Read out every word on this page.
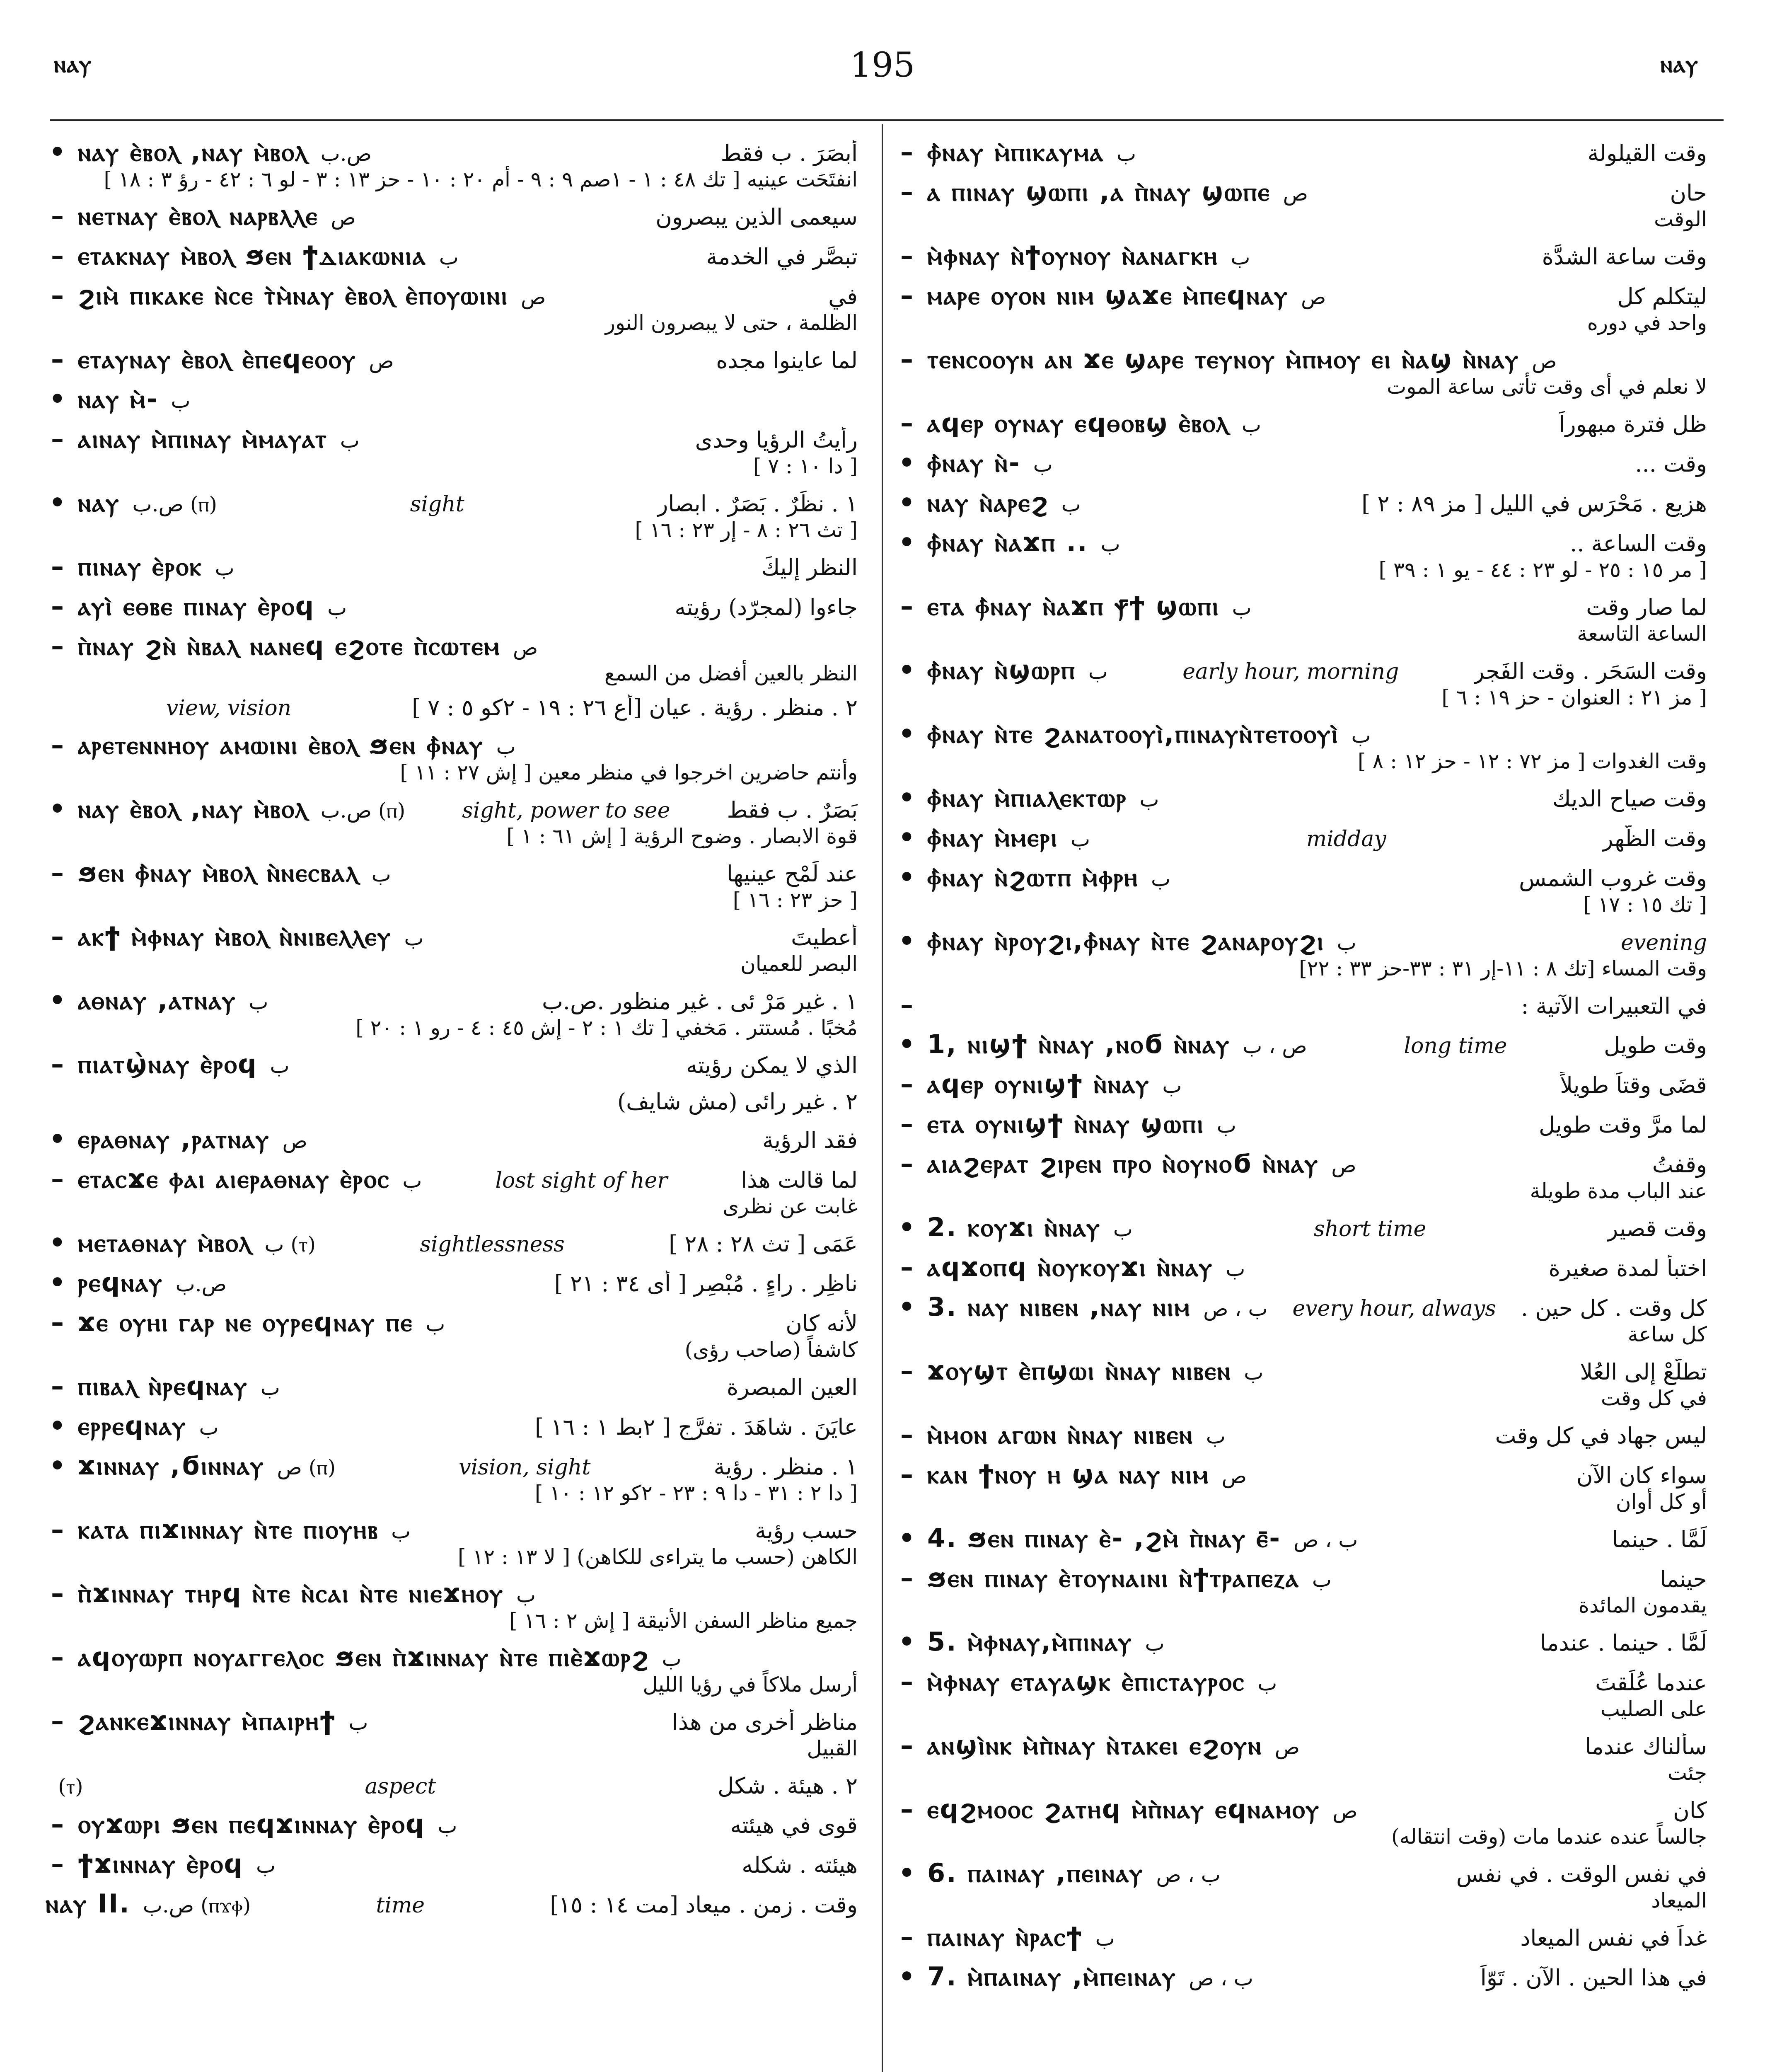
ⲛⲁⲩ	195	ⲛⲁⲩ
• ⲛⲁⲩ ⲉ̀ⲃⲟⲗ ,ⲛⲁⲩ ⲙ̀ⲃⲟⲗ ص.ب	أبصَرَ . ب فقط
انفتَحَت عينيه [ تك ٤٨ : ١ - ١صم ٩ : ٩ - أم ٢٠ : ١٠ - حز ١٣ : ٣ - لو ٦ : ٤٢ - رؤ ٣ : ١٨ ]
– ⲛⲉⲧⲛⲁⲩ ⲉ̀ⲃⲟⲗ ⲛⲁⲣⲃⲗⲗⲉ ص	سيعمى الذين يبصرون
– ⲉⲧⲁⲕⲛⲁⲩ ⲙ̀ⲃⲟⲗ ϧⲉⲛ ϯⲇⲓⲁⲕⲱⲛⲓⲁ ب	تبصَّر في الخدمة
– ϩⲓⲙ̀ ⲡⲓⲕⲁⲕⲉ ⲛ̀ⲥⲉ ⲧ̀ⲙ̀ⲛⲁⲩ ⲉ̀ⲃⲟⲗ ⲉ̀ⲡⲟⲩⲱⲓⲛⲓ ص	في
الظلمة ، حتى لا يبصرون النور
– ⲉⲧⲁⲩⲛⲁⲩ ⲉ̀ⲃⲟⲗ ⲉ̀ⲡⲉϥⲉⲟⲟⲩ ص	لما عاينوا مجده
• ⲛⲁⲩ ⲙ̀- ب
– ⲁⲓⲛⲁⲩ ⲙ̀ⲡⲓⲛⲁⲩ ⲙ̀ⲙⲁⲩⲁⲧ ب	رأيتُ الرؤيا وحدى
[ دا ١٠ : ٧ ]
• ⲛⲁⲩ ص.ب (ⲡ)	sight	١ . نظَرٌ . بَصَرٌ . ابصار
[ تث ٢٦ : ٨ - إر ٢٣ : ١٦ ]
– ⲡⲓⲛⲁⲩ ⲉ̀ⲣⲟⲕ ب	النظر إليكَ
– ⲁⲩⲓ̀ ⲉⲑⲃⲉ ⲡⲓⲛⲁⲩ ⲉ̀ⲣⲟϥ ب	جاءوا (لمجرّد) رؤيته
– ⲡ̀ⲛⲁⲩ ϩⲛ̀ ⲛ̀ⲃⲁⲗ ⲛⲁⲛⲉϥ ⲉϩⲟⲧⲉ ⲡ̀ⲥⲱⲧⲉⲙ ص
النظر بالعين أفضل من السمع
view, vision	٢ . منظر . رؤية . عيان [أع ٢٦ : ١٩ - ٢كو ٥ : ٧ ]
– ⲁⲣⲉⲧⲉⲛⲛⲏⲟⲩ ⲁⲙⲱⲓⲛⲓ ⲉ̀ⲃⲟⲗ ϧⲉⲛ ⲫ̀ⲛⲁⲩ ب
وأنتم حاضرين اخرجوا في منظر معين [ إش ٢٧ : ١١ ]
• ⲛⲁⲩ ⲉ̀ⲃⲟⲗ ,ⲛⲁⲩ ⲙ̀ⲃⲟⲗ ص.ب (ⲡ)	sight, power to see	بَصَرٌ . ب فقط
قوة الابصار . وضوح الرؤية [ إش ٦١ : ١ ]
– ϧⲉⲛ ⲫ̀ⲛⲁⲩ ⲙ̀ⲃⲟⲗ ⲛ̀ⲛⲉⲥⲃⲁⲗ ب	عند لَمْح عينيها
[ حز ٢٣ : ١٦ ]
– ⲁⲕϯ ⲙ̀ⲫⲛⲁⲩ ⲙ̀ⲃⲟⲗ ⲛ̀ⲛⲓⲃⲉⲗⲗⲉⲩ ب	أعطيتَ
البصر للعميان
• ⲁⲑⲛⲁⲩ ,ⲁⲧⲛⲁⲩ ب	١ . غير مَرْ ئى . غير منظور .ص.ب
مُخبًا . مُستتر . مَخفي [ تك ١ : ٢ - إش ٤٥ : ٤ - رو ١ : ٢٠ ]
– ⲡⲓⲁⲧϣ̀ⲛⲁⲩ ⲉ̀ⲣⲟϥ ب	الذي لا يمكن رؤيته
٢ . غير رائى (مش شايف)
• ⲉⲣⲁⲑⲛⲁⲩ ,ⲣⲁⲧⲛⲁⲩ ص	فقد الرؤية
– ⲉⲧⲁⲥϫⲉ ⲫⲁⲓ ⲁⲓⲉⲣⲁⲑⲛⲁⲩ ⲉ̀ⲣⲟⲥ ب	lost sight of her	لما قالت هذا
غابت عن نظرى
• ⲙⲉⲧⲁⲑⲛⲁⲩ ⲙ̀ⲃⲟⲗ ب (ⲧ)	sightlessness	عَمَى [ تث ٢٨ : ٢٨ ]
• ⲣⲉϥⲛⲁⲩ ص.ب	ناظِر . راءٍ . مُبْصِر [ أى ٣٤ : ٢١ ]
– ϫⲉ ⲟⲩⲏⲓ ⲅⲁⲣ ⲛⲉ ⲟⲩⲣⲉϥⲛⲁⲩ ⲡⲉ ب	لأنه كان
كاشفاً (صاحب رؤى)
– ⲡⲓⲃⲁⲗ ⲛ̀ⲣⲉϥⲛⲁⲩ ب	العين المبصرة
• ⲉⲣⲣⲉϥⲛⲁⲩ ب	عايَنَ . شاهَدَ . تفرَّج [ ٢بط ١ : ١٦ ]
• ϫⲓⲛⲛⲁⲩ ,ϭⲓⲛⲛⲁⲩ ص (ⲡ)	vision, sight	١ . منظر . رؤية
[ دا ٢ : ٣١ - دا ٩ : ٢٣ - ٢كو ١٢ : ١٠ ]
– ⲕⲁⲧⲁ ⲡⲓϫⲓⲛⲛⲁⲩ ⲛ̀ⲧⲉ ⲡⲓⲟⲩⲏⲃ ب	حسب رؤية
الكاهن (حسب ما يتراءى للكاهن) [ لا ١٣ : ١٢ ]
– ⲡ̀ϫⲓⲛⲛⲁⲩ ⲧⲏⲣϥ ⲛ̀ⲧⲉ ⲛ̀ⲥⲁⲓ ⲛ̀ⲧⲉ ⲛⲓⲉϫⲏⲟⲩ ب
جميع مناظر السفن الأنيقة [ إش ٢ : ١٦ ]
– ⲁϥⲟⲩⲱⲣⲡ ⲛⲟⲩⲁⲅⲅⲉⲗⲟⲥ ϧⲉⲛ ⲡ̀ϫⲓⲛⲛⲁⲩ ⲛ̀ⲧⲉ ⲡⲓⲉ̀ϫⲱⲣϩ ب
أرسل ملاكاً في رؤيا الليل
– ϩⲁⲛⲕⲉϫⲓⲛⲛⲁⲩ ⲙ̀ⲡⲁⲓⲣⲏϯ ب	مناظر أخرى من هذا
القبيل
(ⲧ)	aspect	٢ . هيئة . شكل
– ⲟⲩϫⲱⲣⲓ ϧⲉⲛ ⲡⲉϥϫⲓⲛⲛⲁⲩ ⲉ̀ⲣⲟϥ ب	قوى في هيئته
– ϯϫⲓⲛⲛⲁⲩ ⲉ̀ⲣⲟϥ ب	هيئته . شكله
ⲛⲁⲩ II. ص.ب (ⲡϫⲫ)	time	وقت . زمن . ميعاد [مت ١٤ : ١٥]
– ⲫ̀ⲛⲁⲩ ⲙ̀ⲡⲓⲕⲁⲩⲙⲁ ب	وقت القيلولة
– ⲁ ⲡⲓⲛⲁⲩ ϣⲱⲡⲓ ,ⲁ ⲡ̀ⲛⲁⲩ ϣⲱⲡⲉ ص	حان
الوقت
– ⲙ̀ⲫⲛⲁⲩ ⲛ̀ϯⲟⲩⲛⲟⲩ ⲛ̀ⲁⲛⲁⲅⲕⲏ ب	وقت ساعة الشدَّة
– ⲙⲁⲣⲉ ⲟⲩⲟⲛ ⲛⲓⲙ ϣⲁϫⲉ ⲙ̀ⲡⲉϥⲛⲁⲩ ص	ليتكلم كل
واحد في دوره
– ⲧⲉⲛⲥⲟⲟⲩⲛ ⲁⲛ ϫⲉ ϣⲁⲣⲉ ⲧⲉⲩⲛⲟⲩ ⲙ̀ⲡⲙⲟⲩ ⲉⲓ ⲛ̀ⲁϣ ⲛ̀ⲛⲁⲩ ص
لا نعلم في أى وقت تأتى ساعة الموت
– ⲁϥⲉⲣ ⲟⲩⲛⲁⲩ ⲉϥⲑⲟⲃϣ ⲉ̀ⲃⲟⲗ ب	ظل فترة مبهوراً
• ⲫ̀ⲛⲁⲩ ⲛ̀- ب	وقت ...
• ⲛⲁⲩ ⲛ̀ⲁⲣⲉϩ ب	هزيع . مَحْرَس في الليل [ مز ٨٩ : ٢ ]
• ⲫ̀ⲛⲁⲩ ⲛ̀ⲁϫⲡ .. ب	وقت الساعة ..
[ مر ١٥ : ٢٥ - لو ٢٣ : ٤٤ - يو ١ : ٣٩ ]
– ⲉⲧⲁ ⲫ̀ⲛⲁⲩ ⲛ̀ⲁϫⲡ ⲯ̄ϯ ϣⲱⲡⲓ ب	لما صار وقت
الساعة التاسعة
• ⲫ̀ⲛⲁⲩ ⲛ̀ϣⲱⲣⲡ ب	early hour, morning	وقت السَحَر . وقت الفَجر
[ مز ٢١ : العنوان - حز ١٩ : ٦ ]
• ⲫ̀ⲛⲁⲩ ⲛ̀ⲧⲉ ϩⲁⲛⲁⲧⲟⲟⲩⲓ̀,ⲡⲓⲛⲁⲩⲛ̀ⲧⲉⲧⲟⲟⲩⲓ̀ ب
وقت الغدوات [ مز ٧٢ : ١٢ - حز ١٢ : ٨ ]
• ⲫ̀ⲛⲁⲩ ⲙ̀ⲡⲓⲁⲗⲉⲕⲧⲱⲣ ب	وقت صياح الديك
• ⲫ̀ⲛⲁⲩ ⲙ̀ⲙⲉⲣⲓ ب	midday	وقت الظُّهر
• ⲫ̀ⲛⲁⲩ ⲛ̀ϩⲱⲧⲡ ⲙ̀ⲫⲣⲏ ب	وقت غروب الشمس
[ تك ١٥ : ١٧ ]
• ⲫ̀ⲛⲁⲩ ⲛ̀ⲣⲟⲩϩⲓ,ⲫ̀ⲛⲁⲩ ⲛ̀ⲧⲉ ϩⲁⲛⲁⲣⲟⲩϩⲓ ب	evening
وقت المساء [تك ٨ : ١١-إر ٣١ : ٣٣-حز ٣٣ : ٢٢]
–	في التعبيرات الآتية :
• 1, ⲛⲓϣϯ ⲛ̀ⲛⲁⲩ ,ⲛⲟϭ ⲛ̀ⲛⲁⲩ ص ، ب	long time	وقت طويل
– ⲁϥⲉⲣ ⲟⲩⲛⲓϣϯ ⲛ̀ⲛⲁⲩ ب	قضَى وقتاً طويلاً
– ⲉⲧⲁ ⲟⲩⲛⲓϣϯ ⲛ̀ⲛⲁⲩ ϣⲱⲡⲓ ب	لما مرَّ وقت طويل
– ⲁⲓⲁϩⲉⲣⲁⲧ ϩⲓⲣⲉⲛ ⲡⲣⲟ ⲛ̀ⲟⲩⲛⲟϭ ⲛ̀ⲛⲁⲩ ص	وقفتُ
عند الباب مدة طويلة
• 2. ⲕⲟⲩϫⲓ ⲛ̀ⲛⲁⲩ ب	short time	وقت قصير
– ⲁϥϫⲟⲡϥ ⲛ̀ⲟⲩⲕⲟⲩϫⲓ ⲛ̀ⲛⲁⲩ ب	اختبأ لمدة صغيرة
• 3. ⲛⲁⲩ ⲛⲓⲃⲉⲛ ,ⲛⲁⲩ ⲛⲓⲙ ب ، ص every hour, always كل وقت . كل حين .
كل ساعة
– ϫⲟⲩϣⲧ ⲉ̀ⲡϣⲱⲓ ⲛ̀ⲛⲁⲩ ⲛⲓⲃⲉⲛ ب	تطلَّعْ إلى العُلا
في كل وقت
– ⲙ̀ⲙⲟⲛ ⲁⲅⲱⲛ ⲛ̀ⲛⲁⲩ ⲛⲓⲃⲉⲛ ب	ليس جهاد في كل وقت
– ⲕⲁⲛ ϯⲛⲟⲩ ⲏ ϣⲁ ⲛⲁⲩ ⲛⲓⲙ ص	سواء كان الآن
أو كل أوان
• 4. ϧⲉⲛ ⲡⲓⲛⲁⲩ ⲉ̀- ,ϩⲙ̀ ⲡ̀ⲛⲁⲩ ⲉ̄- ب ، ص	لَمَّا . حينما
– ϧⲉⲛ ⲡⲓⲛⲁⲩ ⲉ̀ⲧⲟⲩⲛⲁⲓⲛⲓ ⲛ̀ϯⲧⲣⲁⲡⲉⲍⲁ ب	حينما
يقدمون المائدة
• 5. ⲙ̀ⲫⲛⲁⲩ,ⲙ̀ⲡⲓⲛⲁⲩ ب	لَمَّا . حينما . عندما
– ⲙ̀ⲫⲛⲁⲩ ⲉⲧⲁⲩⲁϣⲕ ⲉ̀ⲡⲓⲥⲧⲁⲩⲣⲟⲥ ب	عندما عُلِّقتَ
على الصليب
– ⲁⲛϣⲓ̀ⲛⲕ ⲙ̀ⲡ̀ⲛⲁⲩ ⲛ̀ⲧⲁⲕⲉⲓ ⲉϩⲟⲩⲛ ص	سألناك عندما
جئت
– ⲉϥϩⲙⲟⲟⲥ ϩⲁⲧⲏϥ ⲙ̀ⲡ̀ⲛⲁⲩ ⲉϥⲛⲁⲙⲟⲩ ص	كان
جالساً عنده عندما مات (وقت انتقاله)
• 6. ⲡⲁⲓⲛⲁⲩ ,ⲡⲉⲓⲛⲁⲩ ب ، ص	في نفس الوقت . في نفس
الميعاد
– ⲡⲁⲓⲛⲁⲩ ⲛ̀ⲣⲁⲥϯ ب	غداً في نفس الميعاد
• 7. ⲙ̀ⲡⲁⲓⲛⲁⲩ ,ⲙ̀ⲡⲉⲓⲛⲁⲩ ب ، ص	في هذا الحين . الآن . تَوّاً
